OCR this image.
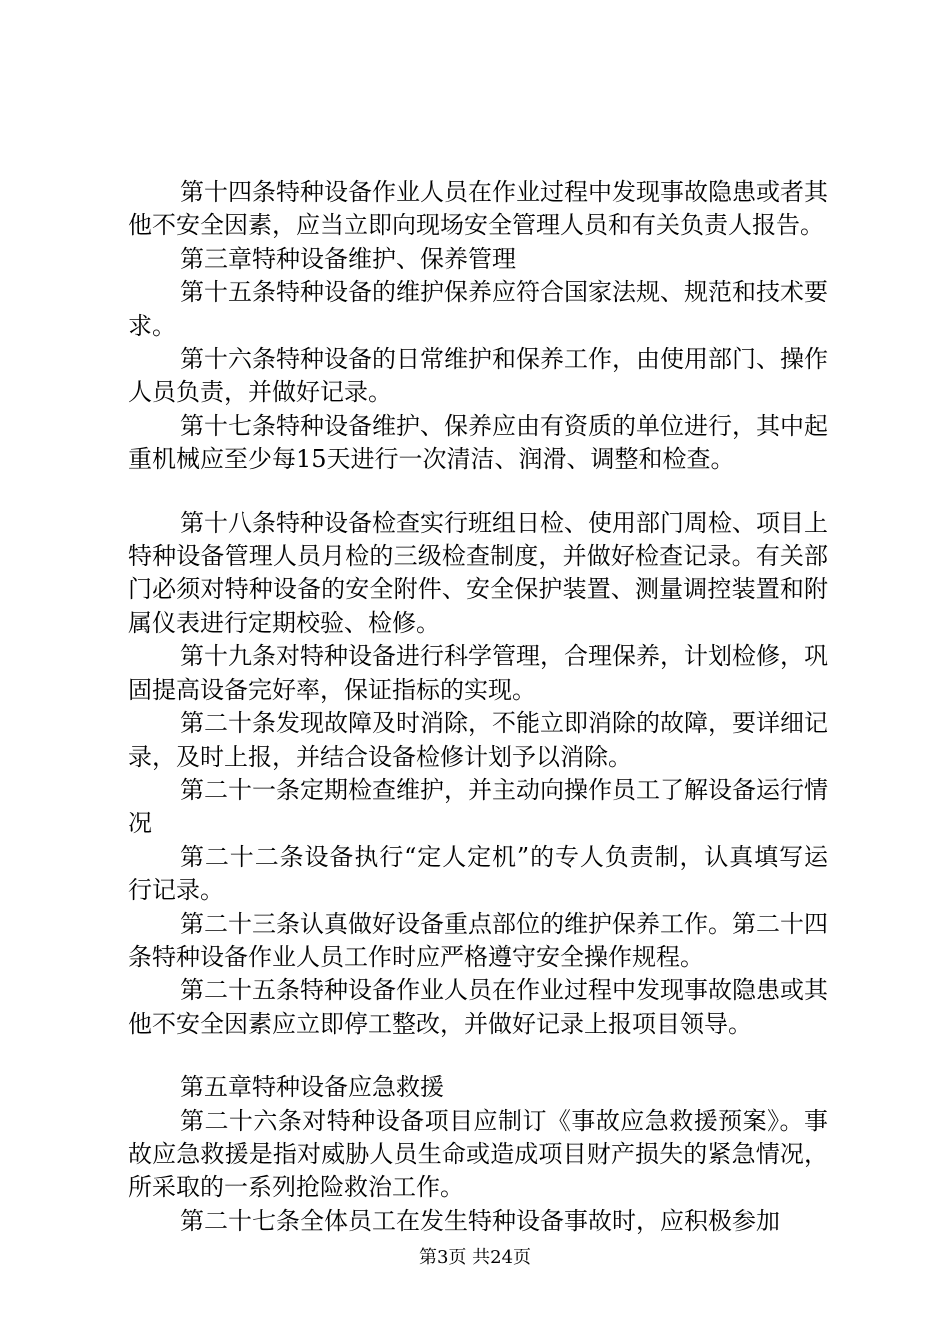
第十四条特种设备作业人员在作业过程中发现事故隐患或者其他不安全因素，应当立即向现场安全管理人员和有关负责人报告。

第三章特种设备维护、保养管理

第十五条特种设备的维护保养应符合国家法规、规范和技术要求。

第十六条特种设备的日常维护和保养工作，由使用部门、操作人员负责，并做好记录。

第十七条特种设备维护、保养应由有资质的单位进行，其中起重机械应至少每15天进行一次清洁、润滑、调整和检查。

第十八条特种设备检查实行班组日检、使用部门周检、项目上特种设备管理人员月检的三级检查制度，并做好检查记录。有关部门必须对特种设备的安全附件、安全保护装置、测量调控装置和附属仪表进行定期校验、检修。

第十九条对特种设备进行科学管理，合理保养，计划检修，巩固提高设备完好率，保证指标的实现。

第二十条发现故障及时消除，不能立即消除的故障，要详细记录，及时上报，并结合设备检修计划予以消除。

第二十一条定期检查维护，并主动向操作员工了解设备运行情况

第二十二条设备执行“定人定机”的专人负责制，认真填写运行记录。

第二十三条认真做好设备重点部位的维护保养工作。第二十四条特种设备作业人员工作时应严格遵守安全操作规程。

第二十五条特种设备作业人员在作业过程中发现事故隐患或其他不安全因素应立即停工整改，并做好记录上报项目领导。

第五章特种设备应急救援

第二十六条对特种设备项目应制订《事故应急救援预案》。事故应急救援是指对威胁人员生命或造成项目财产损失的紧急情况，所采取的一系列抢险救治工作。

第二十七条全体员工在发生特种设备事故时，应积极参加

第3页 共24页
